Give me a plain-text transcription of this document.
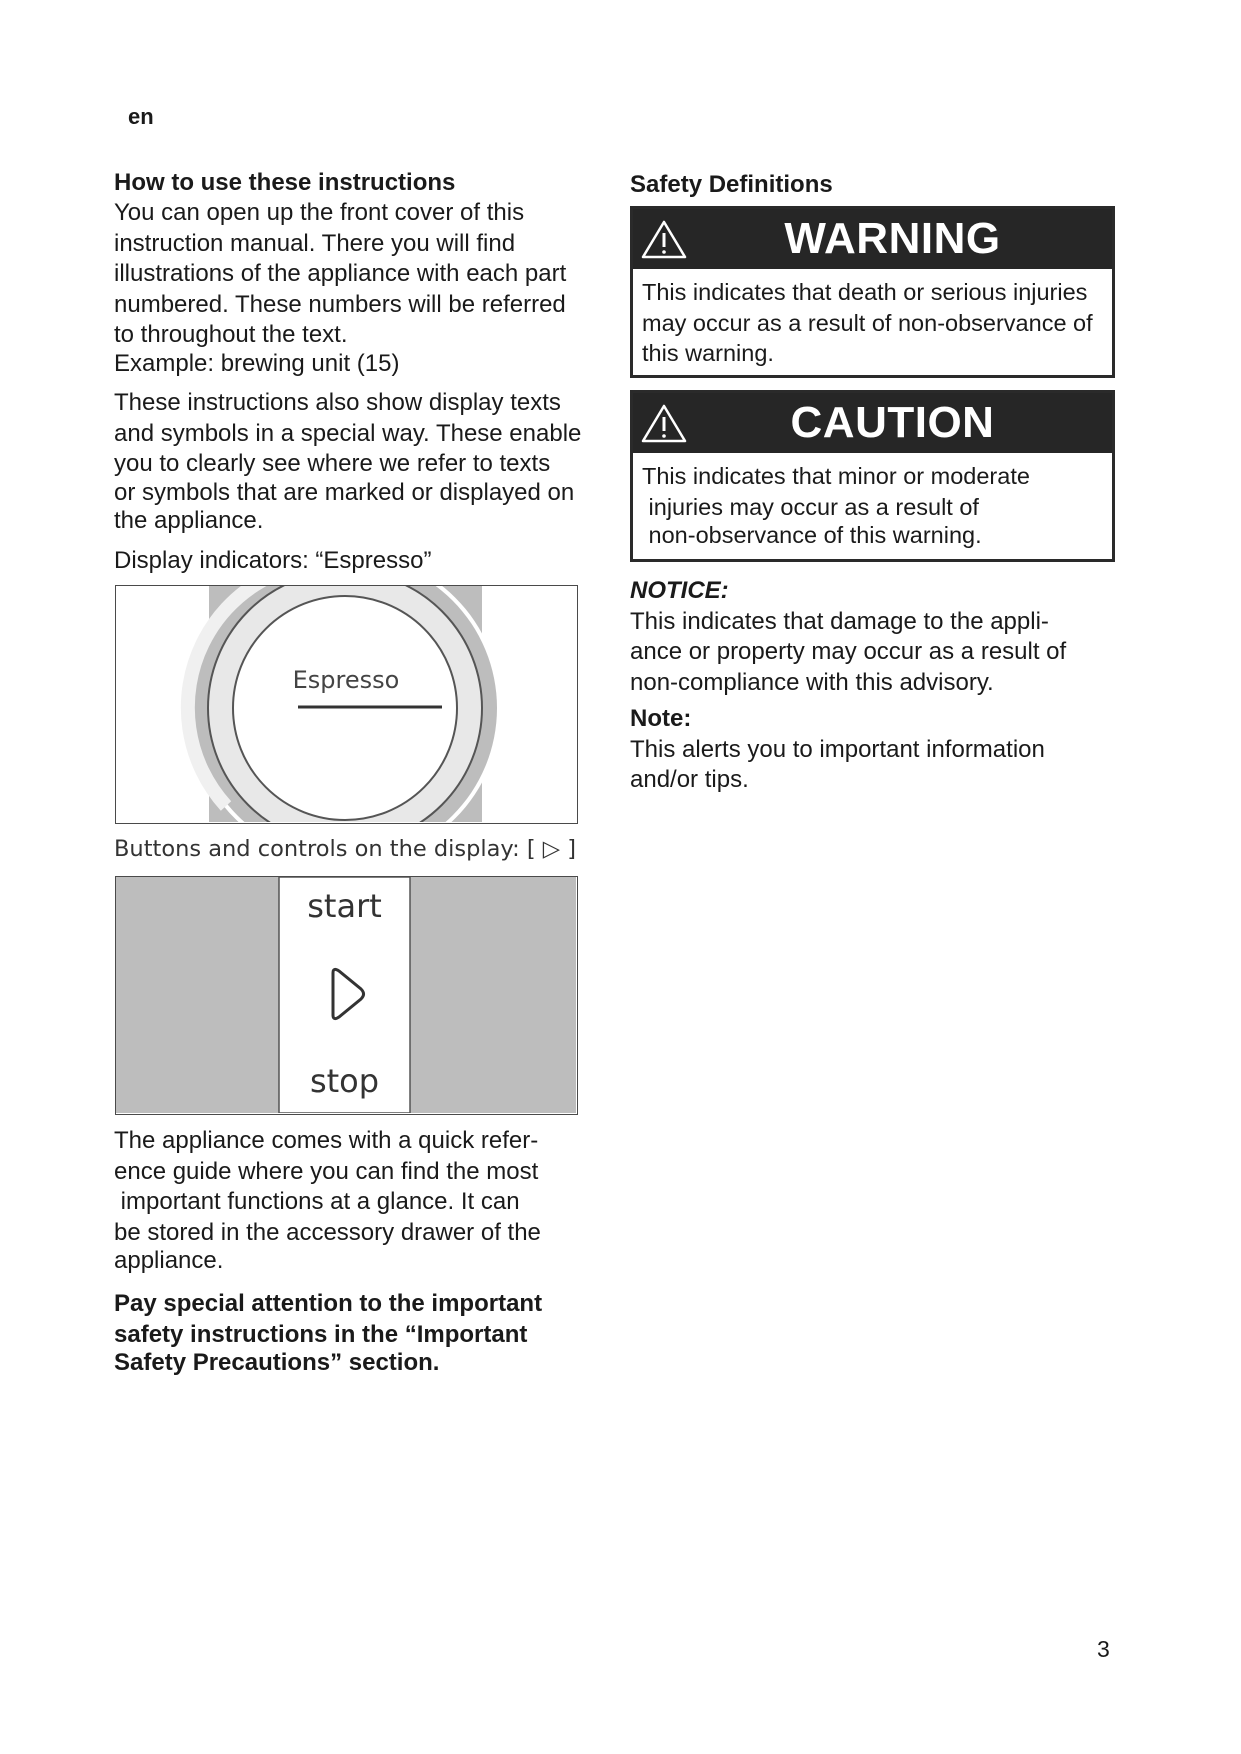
en

How to use these instructions

You can open up the front cover of this

instruction manual. There you will find

illustrations of the appliance with each part

numbered. These numbers will be referred

to throughout the text.

Example: brewing unit (15)

These instructions also show display texts

and symbols in a special way. These enable

you to clearly see where we refer to texts

or symbols that are marked or displayed on

the appliance.

Display indicators: “Espresso”
Espresso
Buttons and controls on the display: [ ▷ ]
start
stop

The appliance comes with a quick refer-

ence guide where you can find the most

important functions at a glance. It can

be stored in the accessory drawer of the

appliance.

Pay special attention to the important

safety instructions in the “Important

Safety Precautions” section.

Safety Definitions

WARNING

This indicates that death or serious injuries

may occur as a result of non-observance of

this warning.

CAUTION

This indicates that minor or moderate

injuries may occur as a result of

non-observance of this warning.

NOTICE:

This indicates that damage to the appli-

ance or property may occur as a result of

non-compliance with this advisory.

Note:

This alerts you to important information

and/or tips.

3
